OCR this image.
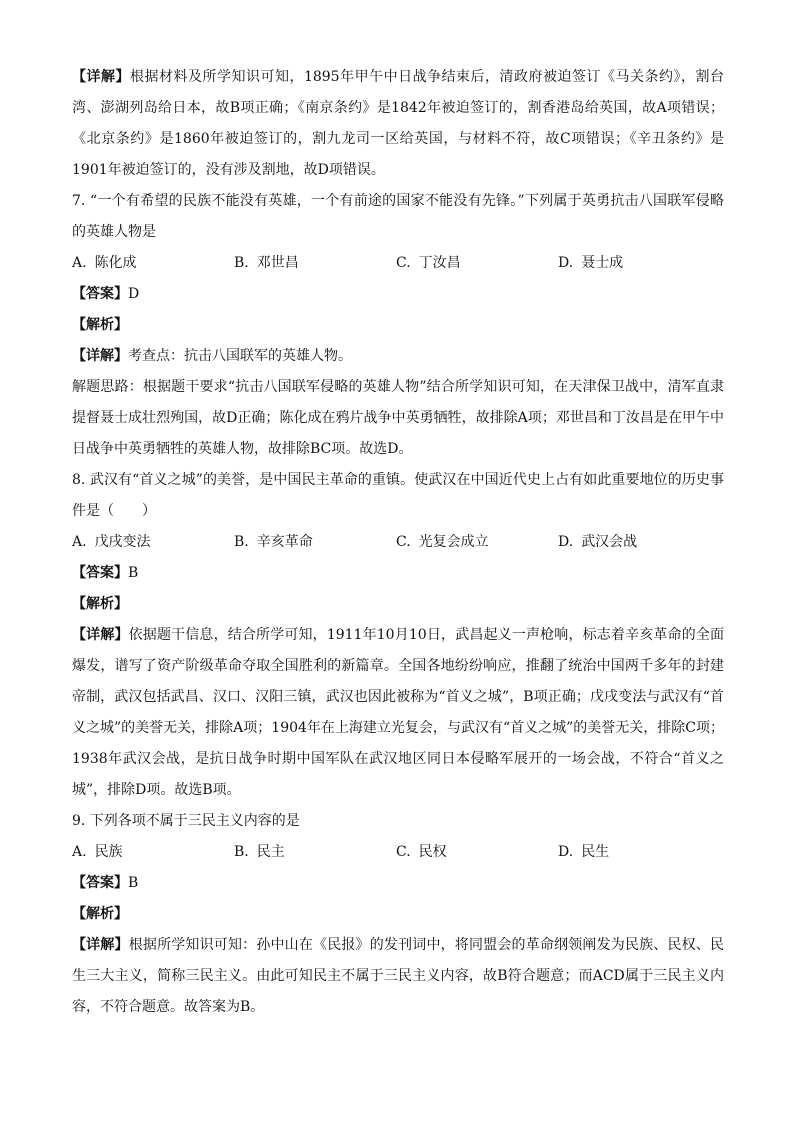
【详解】根据材料及所学知识可知，1895年甲午中日战争结束后，清政府被迫签订《马关条约》，割台湾、澎湖列岛给日本，故B项正确；《南京条约》是1842年被迫签订的，割香港岛给英国，故A项错误；《北京条约》是1860年被迫签订的，割九龙司一区给英国，与材料不符，故C项错误；《辛丑条约》是1901年被迫签订的，没有涉及割地，故D项错误。

7. “一个有希望的民族不能没有英雄，一个有前途的国家不能没有先锋。”下列属于英勇抗击八国联军侵略的英雄人物是

A. 陈化成	B. 邓世昌	C. 丁汝昌	D. 聂士成

【答案】D

【解析】

【详解】考查点：抗击八国联军的英雄人物。

解题思路：根据题干要求“抗击八国联军侵略的英雄人物”结合所学知识可知，在天津保卫战中，清军直隶提督聂士成壮烈殉国，故D正确；陈化成在鸦片战争中英勇牺牲，故排除A项；邓世昌和丁汝昌是在甲午中日战争中英勇牺牲的英雄人物，故排除BC项。故选D。

8. 武汉有“首义之城”的美誉，是中国民主革命的重镇。使武汉在中国近代史上占有如此重要地位的历史事件是（　　）

A. 戊戌变法	B. 辛亥革命	C. 光复会成立	D. 武汉会战

【答案】B

【解析】

【详解】依据题干信息，结合所学可知，1911年10月10日，武昌起义一声枪响，标志着辛亥革命的全面爆发，谱写了资产阶级革命夺取全国胜利的新篇章。全国各地纷纷响应，推翻了统治中国两千多年的封建帝制，武汉包括武昌、汉口、汉阳三镇，武汉也因此被称为“首义之城”，B项正确；戊戌变法与武汉有“首义之城”的美誉无关，排除A项；1904年在上海建立光复会，与武汉有“首义之城”的美誉无关，排除C项；1938年武汉会战，是抗日战争时期中国军队在武汉地区同日本侵略军展开的一场会战，不符合“首义之城”，排除D项。故选B项。

9. 下列各项不属于三民主义内容的是

A. 民族	B. 民主	C. 民权	D. 民生

【答案】B

【解析】

【详解】根据所学知识可知：孙中山在《民报》的发刊词中，将同盟会的革命纲领阐发为民族、民权、民生三大主义，简称三民主义。由此可知民主不属于三民主义内容，故B符合题意；而ACD属于三民主义内容，不符合题意。故答案为B。
